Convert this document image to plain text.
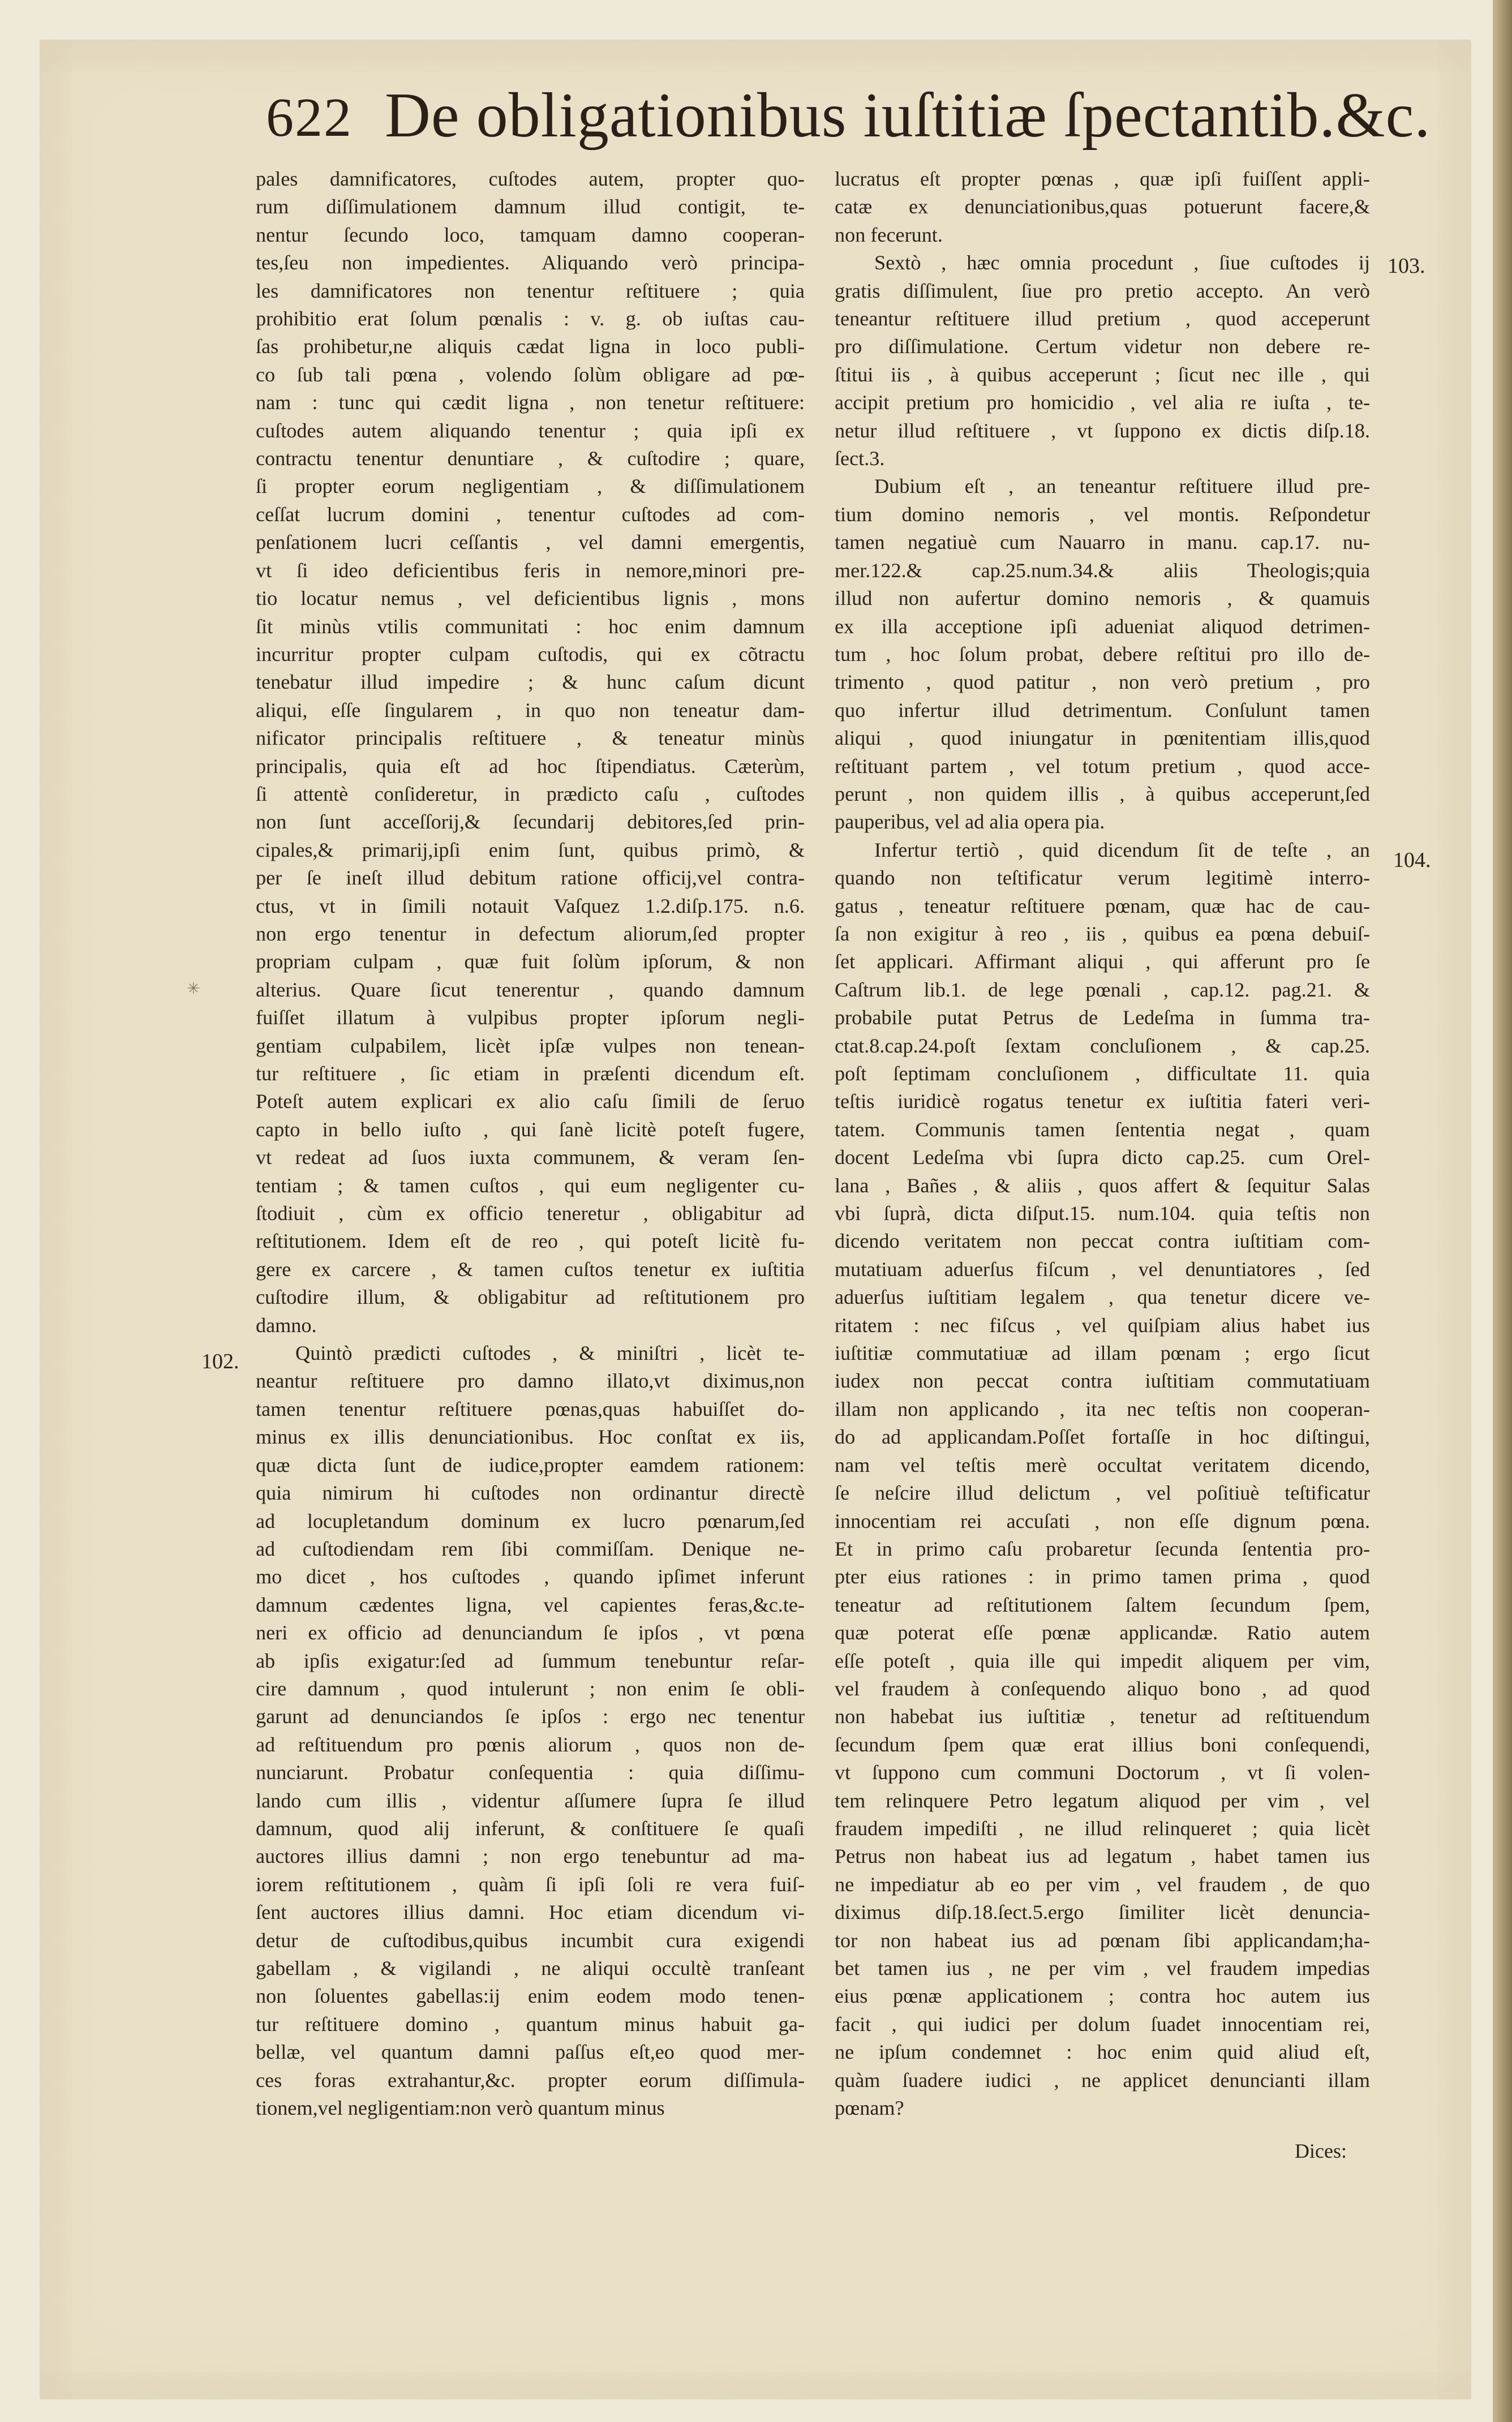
622 De obligationibus iuſtitiæ ſpectantib.&c.
pales damnificatores, cuſtodes autem, propter quo-
rum diſſimulationem damnum illud contigit, te-
nentur ſecundo loco, tamquam damno cooperan-
tes,ſeu non impedientes. Aliquando verò principa-
les damnificatores non tenentur reſtituere ; quia
prohibitio erat ſolum pœnalis : v. g. ob iuſtas cau-
ſas prohibetur,ne aliquis cædat ligna in loco publi-
co ſub tali pœna , volendo ſolùm obligare ad pœ-
nam : tunc qui cædit ligna , non tenetur reſtituere:
cuſtodes autem aliquando tenentur ; quia ipſi ex
contractu tenentur denuntiare , & cuſtodire ; quare,
ſi propter eorum negligentiam , & diſſimulationem
ceſſat lucrum domini , tenentur cuſtodes ad com-
penſationem lucri ceſſantis , vel damni emergentis,
vt ſi ideo deficientibus feris in nemore,minori pre-
tio locatur nemus , vel deficientibus lignis , mons
ſit minùs vtilis communitati : hoc enim damnum
incurritur propter culpam cuſtodis, qui ex cõtractu
tenebatur illud impedire ; & hunc caſum dicunt
aliqui, eſſe ſingularem , in quo non teneatur dam-
nificator principalis reſtituere , & teneatur minùs
principalis, quia eſt ad hoc ſtipendiatus. Cæterùm,
ſi attentè conſideretur, in prædicto caſu , cuſtodes
non ſunt acceſſorij,& ſecundarij debitores,ſed prin-
cipales,& primarij,ipſi enim ſunt, quibus primò, &
per ſe ineſt illud debitum ratione officij,vel contra-
ctus, vt in ſimili notauit Vaſquez 1.2.diſp.175. n.6.
non ergo tenentur in defectum aliorum,ſed propter
propriam culpam , quæ fuit ſolùm ipſorum, & non
alterius. Quare ſicut tenerentur , quando damnum
fuiſſet illatum à vulpibus propter ipſorum negli-
gentiam culpabilem, licèt ipſæ vulpes non tenean-
tur reſtituere , ſic etiam in præſenti dicendum eſt.
Poteſt autem explicari ex alio caſu ſimili de ſeruo
capto in bello iuſto , qui ſanè licitè poteſt fugere,
vt redeat ad ſuos iuxta communem, & veram ſen-
tentiam ; & tamen cuſtos , qui eum negligenter cu-
ſtodiuit , cùm ex officio teneretur , obligabitur ad
reſtitutionem. Idem eſt de reo , qui poteſt licitè fu-
gere ex carcere , & tamen cuſtos tenetur ex iuſtitia
cuſtodire illum, & obligabitur ad reſtitutionem pro
damno.
Quintò prædicti cuſtodes , & miniſtri , licèt te-
neantur reſtituere pro damno illato,vt diximus,non
tamen tenentur reſtituere pœnas,quas habuiſſet do-
minus ex illis denunciationibus. Hoc conſtat ex iis,
quæ dicta ſunt de iudice,propter eamdem rationem:
quia nimirum hi cuſtodes non ordinantur directè
ad locupletandum dominum ex lucro pœnarum,ſed
ad cuſtodiendam rem ſibi commiſſam. Denique ne-
mo dicet , hos cuſtodes , quando ipſimet inferunt
damnum cædentes ligna, vel capientes feras,&c.te-
neri ex officio ad denunciandum ſe ipſos , vt pœna
ab ipſis exigatur:ſed ad ſummum tenebuntur reſar-
cire damnum , quod intulerunt ; non enim ſe obli-
garunt ad denunciandos ſe ipſos : ergo nec tenentur
ad reſtituendum pro pœnis aliorum , quos non de-
nunciarunt. Probatur conſequentia : quia diſſimu-
lando cum illis , videntur aſſumere ſupra ſe illud
damnum, quod alij inferunt, & conſtituere ſe quaſi
auctores illius damni ; non ergo tenebuntur ad ma-
iorem reſtitutionem , quàm ſi ipſi ſoli re vera fuiſ-
ſent auctores illius damni. Hoc etiam dicendum vi-
detur de cuſtodibus,quibus incumbit cura exigendi
gabellam , & vigilandi , ne aliqui occultè tranſeant
non ſoluentes gabellas:ij enim eodem modo tenen-
tur reſtituere domino , quantum minus habuit ga-
bellæ, vel quantum damni paſſus eſt,eo quod mer-
ces foras extrahantur,&c. propter eorum diſſimula-
tionem,vel negligentiam:non verò quantum minus
lucratus eſt propter pœnas , quæ ipſi fuiſſent appli-
catæ ex denunciationibus,quas potuerunt facere,&
non fecerunt.
Sextò , hæc omnia procedunt , ſiue cuſtodes ij
gratis diſſimulent, ſiue pro pretio accepto. An verò
teneantur reſtituere illud pretium , quod acceperunt
pro diſſimulatione. Certum videtur non debere re-
ſtitui iis , à quibus acceperunt ; ſicut nec ille , qui
accipit pretium pro homicidio , vel alia re iuſta , te-
netur illud reſtituere , vt ſuppono ex dictis diſp.18.
ſect.3.
Dubium eſt , an teneantur reſtituere illud pre-
tium domino nemoris , vel montis. Reſpondetur
tamen negatiuè cum Nauarro in manu. cap.17. nu-
mer.122.& cap.25.num.34.& aliis Theologis;quia
illud non aufertur domino nemoris , & quamuis
ex illa acceptione ipſi adueniat aliquod detrimen-
tum , hoc ſolum probat, debere reſtitui pro illo de-
trimento , quod patitur , non verò pretium , pro
quo infertur illud detrimentum. Conſulunt tamen
aliqui , quod iniungatur in pœnitentiam illis,quod
reſtituant partem , vel totum pretium , quod acce-
perunt , non quidem illis , à quibus acceperunt,ſed
pauperibus, vel ad alia opera pia.
Infertur tertiò , quid dicendum ſit de teſte , an
quando non teſtificatur verum legitimè interro-
gatus , teneatur reſtituere pœnam, quæ hac de cau-
ſa non exigitur à reo , iis , quibus ea pœna debuiſ-
ſet applicari. Affirmant aliqui , qui afferunt pro ſe
Caſtrum lib.1. de lege pœnali , cap.12. pag.21. &
probabile putat Petrus de Ledeſma in ſumma tra-
ctat.8.cap.24.poſt ſextam concluſionem , & cap.25.
poſt ſeptimam concluſionem , difficultate 11. quia
teſtis iuridicè rogatus tenetur ex iuſtitia fateri veri-
tatem. Communis tamen ſententia negat , quam
docent Ledeſma vbi ſupra dicto cap.25. cum Orel-
lana , Bañes , & aliis , quos affert & ſequitur Salas
vbi ſuprà, dicta diſput.15. num.104. quia teſtis non
dicendo veritatem non peccat contra iuſtitiam com-
mutatiuam aduerſus fiſcum , vel denuntiatores , ſed
aduerſus iuſtitiam legalem , qua tenetur dicere ve-
ritatem : nec fiſcus , vel quiſpiam alius habet ius
iuſtitiæ commutatiuæ ad illam pœnam ; ergo ſicut
iudex non peccat contra iuſtitiam commutatiuam
illam non applicando , ita nec teſtis non cooperan-
do ad applicandam.Poſſet fortaſſe in hoc diſtingui,
nam vel teſtis merè occultat veritatem dicendo,
ſe neſcire illud delictum , vel poſitiuè teſtificatur
innocentiam rei accuſati , non eſſe dignum pœna.
Et in primo caſu probaretur ſecunda ſententia pro-
pter eius rationes : in primo tamen prima , quod
teneatur ad reſtitutionem ſaltem ſecundum ſpem,
quæ poterat eſſe pœnæ applicandæ. Ratio autem
eſſe poteſt , quia ille qui impedit aliquem per vim,
vel fraudem à conſequendo aliquo bono , ad quod
non habebat ius iuſtitiæ , tenetur ad reſtituendum
ſecundum ſpem quæ erat illius boni conſequendi,
vt ſuppono cum communi Doctorum , vt ſi volen-
tem relinquere Petro legatum aliquod per vim , vel
fraudem impediſti , ne illud relinqueret ; quia licèt
Petrus non habeat ius ad legatum , habet tamen ius
ne impediatur ab eo per vim , vel fraudem , de quo
diximus diſp.18.ſect.5.ergo ſimiliter licèt denuncia-
tor non habeat ius ad pœnam ſibi applicandam;ha-
bet tamen ius , ne per vim , vel fraudem impedias
eius pœnæ applicationem ; contra hoc autem ius
facit , qui iudici per dolum ſuadet innocentiam rei,
ne ipſum condemnet : hoc enim quid aliud eſt,
quàm ſuadere iudici , ne applicet denuncianti illam
pœnam?
102.
103.
104.
✳
Dices:
